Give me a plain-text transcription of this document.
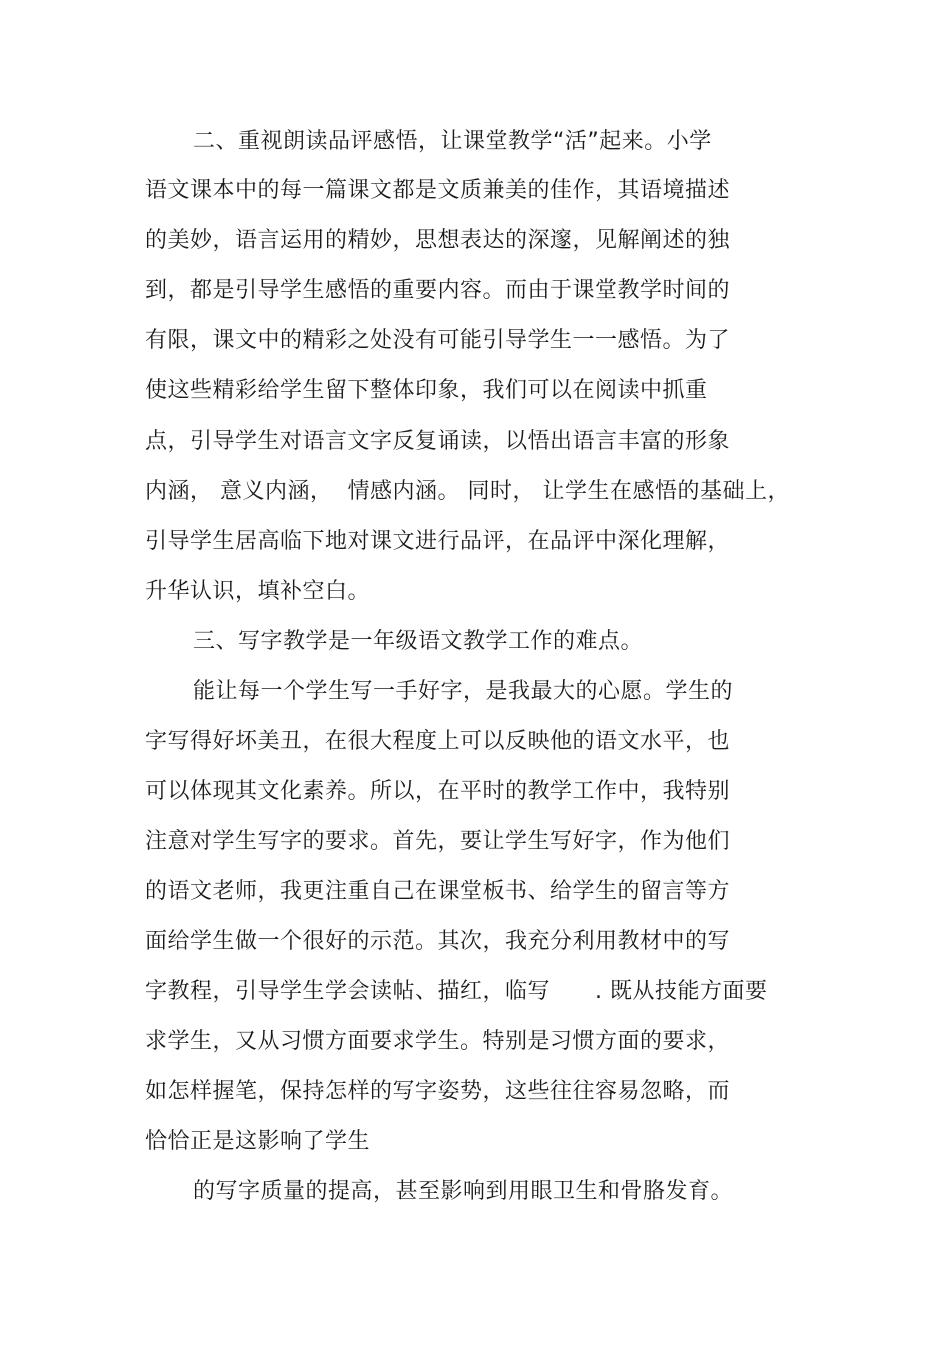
二、重视朗读品评感悟，让课堂教学“活”起来。小学
语文课本中的每一篇课文都是文质兼美的佳作，其语境描述
的美妙，语言运用的精妙，思想表达的深邃，见解阐述的独
到，都是引导学生感悟的重要内容。而由于课堂教学时间的
有限，课文中的精彩之处没有可能引导学生一一感悟。为了
使这些精彩给学生留下整体印象，我们可以在阅读中抓重
点，引导学生对语言文字反复诵读，以悟出语言丰富的形象
内涵， 意义内涵，  情感内涵。 同时， 让学生在感悟的基础上，
引导学生居高临下地对课文进行品评，在品评中深化理解，
升华认识，填补空白。
三、写字教学是一年级语文教学工作的难点。
能让每一个学生写一手好字，是我最大的心愿。学生的
字写得好坏美丑，在很大程度上可以反映他的语文水平，也
可以体现其文化素养。所以，在平时的教学工作中，我特别
注意对学生写字的要求。首先，要让学生写好字，作为他们
的语文老师，我更注重自己在课堂板书、给学生的留言等方
面给学生做一个很好的示范。其次，我充分利用教材中的写
字教程，引导学生学会读帖、描红，临写      . 既从技能方面要
求学生，又从习惯方面要求学生。特别是习惯方面的要求，
如怎样握笔，保持怎样的写字姿势，这些往往容易忽略，而
恰恰正是这影响了学生
的写字质量的提高，甚至影响到用眼卫生和骨胳发育。
